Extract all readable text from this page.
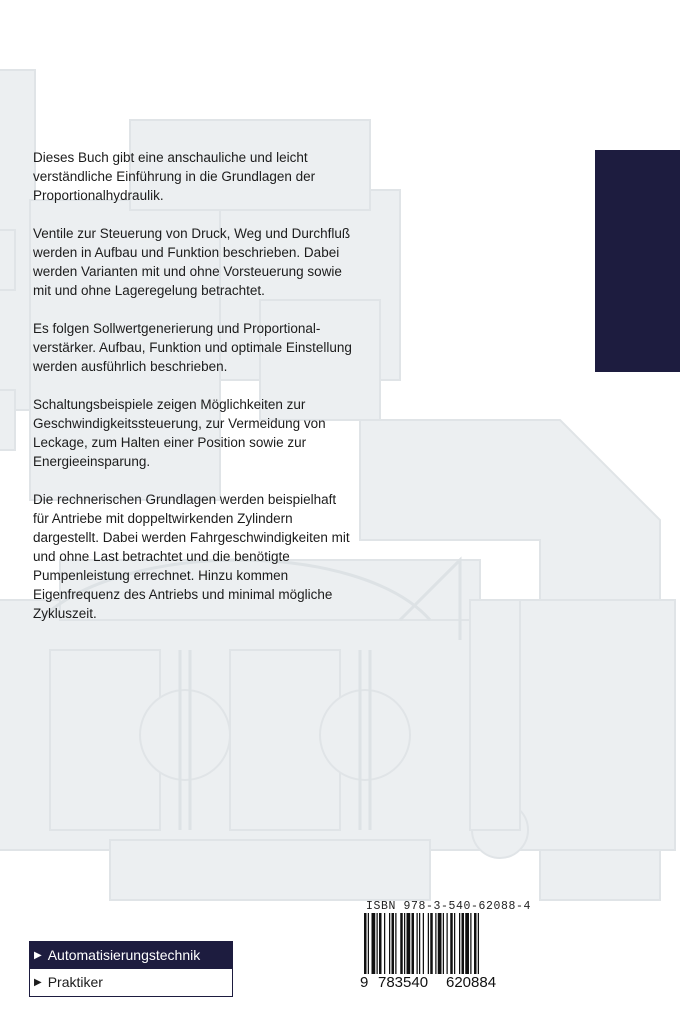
Dieses Buch gibt eine anschauliche und leicht verständliche Einführung in die Grundlagen der Proportionalhydraulik.

Ventile zur Steuerung von Druck, Weg und Durchfluß werden in Aufbau und Funktion beschrieben. Dabei werden Varianten mit und ohne Vorsteuerung sowie mit und ohne Lageregelung betrachtet.

Es folgen Sollwertgenerierung und Proportional-verstärker. Aufbau, Funktion und optimale Einstellung werden ausführlich beschrieben.

Schaltungsbeispiele zeigen Möglichkeiten zur Geschwindigkeitssteuerung, zur Vermeidung von Leckage, zum Halten einer Position sowie zur Energieeinsparung.

Die rechnerischen Grundlagen werden beispielhaft für Antriebe mit doppeltwirkenden Zylindern dargestellt. Dabei werden Fahrgeschwindigkeiten mit und ohne Last betrachtet und die benötigte Pumpenleistung errechnet. Hinzu kommen Eigenfrequenz des Antriebs und minimal mögliche Zykluszeit.

ISBN 978-3-540-62088-4
9 783540 620884
▶ Automatisierungstechnik
▶ Praktiker
